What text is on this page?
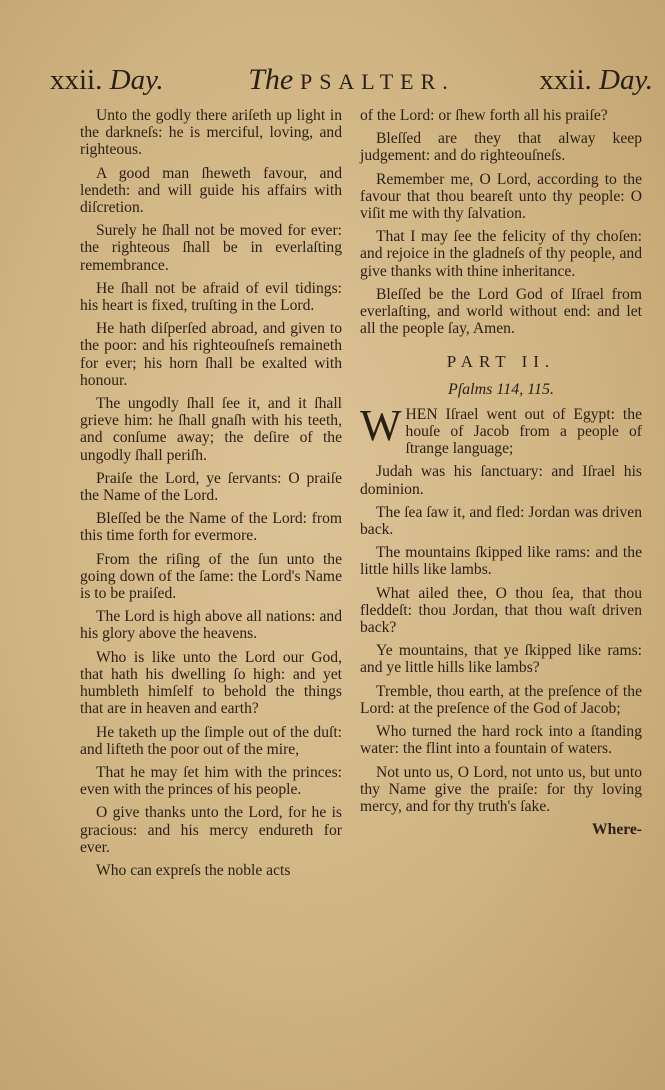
xxii. Day.	The PSALTER.	xxii. Day.

Unto the godly there ariſeth up light in the darkneſs: he is merciful, loving, and righteous.

A good man ſheweth favour, and lendeth: and will guide his affairs with diſcretion.

Surely he ſhall not be moved for ever: the righteous ſhall be in everlaſting remembrance.

He ſhall not be afraid of evil tidings: his heart is fixed, truſting in the Lord.

He hath diſperſed abroad, and given to the poor: and his righteouſneſs remaineth for ever; his horn ſhall be exalted with honour.

The ungodly ſhall ſee it, and it ſhall grieve him: he ſhall gnaſh with his teeth, and conſume away; the deſire of the ungodly ſhall periſh.

Praiſe the Lord, ye ſervants: O praiſe the Name of the Lord.

Bleſſed be the Name of the Lord: from this time forth for evermore.

From the riſing of the ſun unto the going down of the ſame: the Lord's Name is to be praiſed.

The Lord is high above all nations: and his glory above the heavens.

Who is like unto the Lord our God, that hath his dwelling ſo high: and yet humbleth himſelf to behold the things that are in heaven and earth?

He taketh up the ſimple out of the duſt: and lifteth the poor out of the mire,

That he may ſet him with the princes: even with the princes of his people.

O give thanks unto the Lord, for he is gracious: and his mercy endureth for ever.

Who can expreſs the noble acts

of the Lord: or ſhew forth all his praiſe?

Bleſſed are they that alway keep judgement: and do righteouſneſs.

Remember me, O Lord, according to the favour that thou beareſt unto thy people: O viſit me with thy ſalvation.

That I may ſee the felicity of thy choſen: and rejoice in the gladneſs of thy people, and give thanks with thine inheritance.

Bleſſed be the Lord God of Iſrael from everlaſting, and world without end: and let all the people ſay, Amen.

PART II.
Pſalms 114, 115.

WHEN Iſrael went out of Egypt: the houſe of Jacob from a people of ſtrange language;

Judah was his ſanctuary: and Iſrael his dominion.

The ſea ſaw it, and fled: Jordan was driven back.

The mountains ſkipped like rams: and the little hills like lambs.

What ailed thee, O thou ſea, that thou fleddeſt: thou Jordan, that thou waſt driven back?

Ye mountains, that ye ſkipped like rams: and ye little hills like lambs?

Tremble, thou earth, at the preſence of the Lord: at the preſence of the God of Jacob;

Who turned the hard rock into a ſtanding water: the flint into a fountain of waters.

Not unto us, O Lord, not unto us, but unto thy Name give the praiſe: for thy loving mercy, and for thy truth's ſake.

Where-
